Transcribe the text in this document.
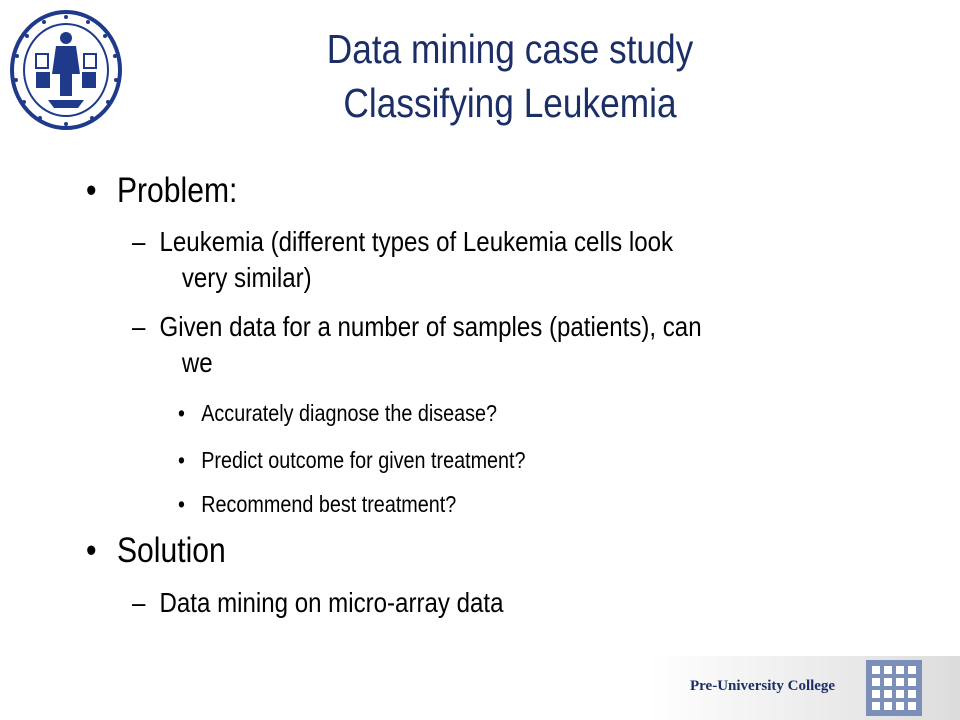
Data mining case study
Classifying Leukemia
• Problem:
– Leukemia (different types of Leukemia cells look
very similar)
– Given data for a number of samples (patients), can
we
• Accurately diagnose the disease?
• Predict outcome for given treatment?
• Recommend best treatment?
• Solution
– Data mining on micro-array data
Pre-University College
